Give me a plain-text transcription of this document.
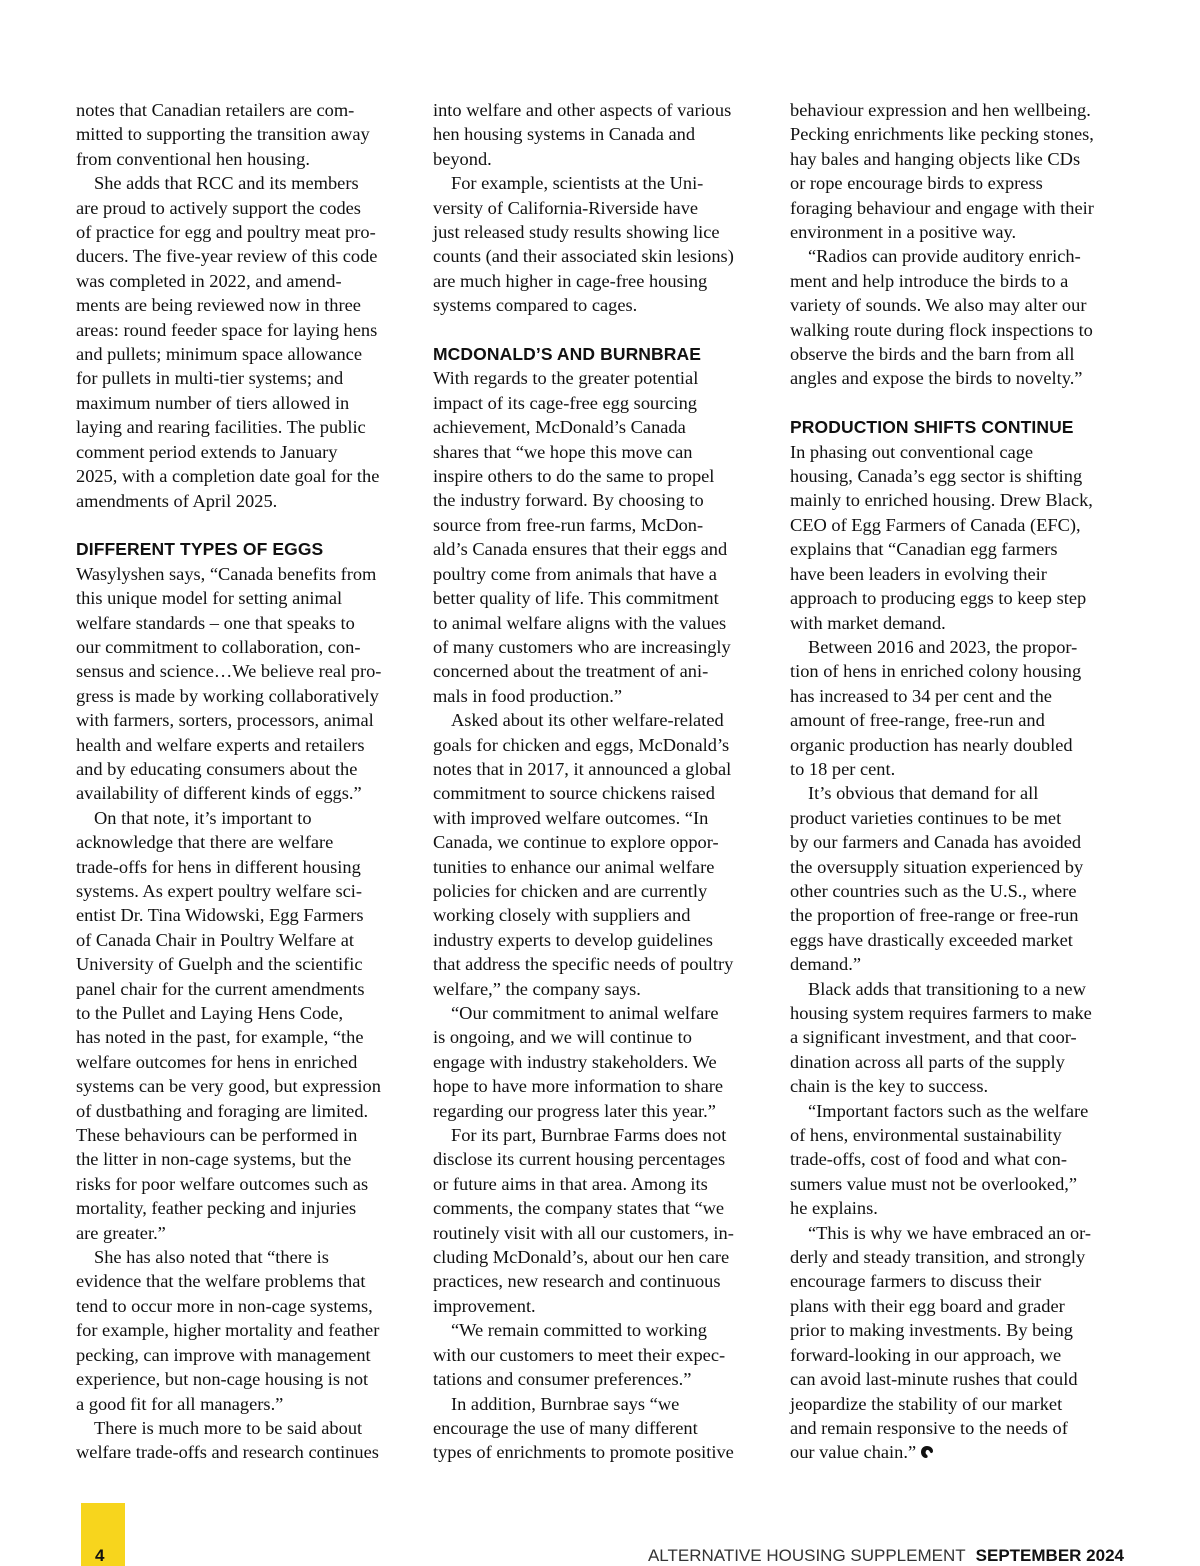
notes that Canadian retailers are com-
mitted to supporting the transition away
from conventional hen housing.

She adds that RCC and its members
are proud to actively support the codes
of practice for egg and poultry meat pro-
ducers. The five-year review of this code
was completed in 2022, and amend-
ments are being reviewed now in three
areas: round feeder space for laying hens
and pullets; minimum space allowance
for pullets in multi-tier systems; and
maximum number of tiers allowed in
laying and rearing facilities. The public
comment period extends to January
2025, with a completion date goal for the
amendments of April 2025.

DIFFERENT TYPES OF EGGS

Wasylyshen says, “Canada benefits from
this unique model for setting animal
welfare standards – one that speaks to
our commitment to collaboration, con-
sensus and science…We believe real pro-
gress is made by working collaboratively
with farmers, sorters, processors, animal
health and welfare experts and retailers
and by educating consumers about the
availability of different kinds of eggs.”

On that note, it’s important to
acknowledge that there are welfare
trade-offs for hens in different housing
systems. As expert poultry welfare sci-
entist Dr. Tina Widowski, Egg Farmers
of Canada Chair in Poultry Welfare at
University of Guelph and the scientific
panel chair for the current amendments
to the Pullet and Laying Hens Code,
has noted in the past, for example, “the
welfare outcomes for hens in enriched
systems can be very good, but expression
of dustbathing and foraging are limited.
These behaviours can be performed in
the litter in non-cage systems, but the
risks for poor welfare outcomes such as
mortality, feather pecking and injuries
are greater.”

She has also noted that “there is
evidence that the welfare problems that
tend to occur more in non-cage systems,
for example, higher mortality and feather
pecking, can improve with management
experience, but non-cage housing is not
a good fit for all managers.”

There is much more to be said about
welfare trade-offs and research continues

into welfare and other aspects of various
hen housing systems in Canada and
beyond.

For example, scientists at the Uni-
versity of California-Riverside have
just released study results showing lice
counts (and their associated skin lesions)
are much higher in cage-free housing
systems compared to cages.

MCDONALD’S AND BURNBRAE

With regards to the greater potential
impact of its cage-free egg sourcing
achievement, McDonald’s Canada
shares that “we hope this move can
inspire others to do the same to propel
the industry forward. By choosing to
source from free-run farms, McDon-
ald’s Canada ensures that their eggs and
poultry come from animals that have a
better quality of life. This commitment
to animal welfare aligns with the values
of many customers who are increasingly
concerned about the treatment of ani-
mals in food production.”

Asked about its other welfare-related
goals for chicken and eggs, McDonald’s
notes that in 2017, it announced a global
commitment to source chickens raised
with improved welfare outcomes. “In
Canada, we continue to explore oppor-
tunities to enhance our animal welfare
policies for chicken and are currently
working closely with suppliers and
industry experts to develop guidelines
that address the specific needs of poultry
welfare,” the company says.

“Our commitment to animal welfare
is ongoing, and we will continue to
engage with industry stakeholders. We
hope to have more information to share
regarding our progress later this year.”

For its part, Burnbrae Farms does not
disclose its current housing percentages
or future aims in that area. Among its
comments, the company states that “we
routinely visit with all our customers, in-
cluding McDonald’s, about our hen care
practices, new research and continuous
improvement.

“We remain committed to working
with our customers to meet their expec-
tations and consumer preferences.”

In addition, Burnbrae says “we
encourage the use of many different
types of enrichments to promote positive

behaviour expression and hen wellbeing.
Pecking enrichments like pecking stones,
hay bales and hanging objects like CDs
or rope encourage birds to express
foraging behaviour and engage with their
environment in a positive way.

“Radios can provide auditory enrich-
ment and help introduce the birds to a
variety of sounds. We also may alter our
walking route during flock inspections to
observe the birds and the barn from all
angles and expose the birds to novelty.”

PRODUCTION SHIFTS CONTINUE

In phasing out conventional cage
housing, Canada’s egg sector is shifting
mainly to enriched housing. Drew Black,
CEO of Egg Farmers of Canada (EFC),
explains that “Canadian egg farmers
have been leaders in evolving their
approach to producing eggs to keep step
with market demand.

Between 2016 and 2023, the propor-
tion of hens in enriched colony housing
has increased to 34 per cent and the
amount of free-range, free-run and
organic production has nearly doubled
to 18 per cent.

It’s obvious that demand for all
product varieties continues to be met
by our farmers and Canada has avoided
the oversupply situation experienced by
other countries such as the U.S., where
the proportion of free-range or free-run
eggs have drastically exceeded market
demand.”

Black adds that transitioning to a new
housing system requires farmers to make
a significant investment, and that coor-
dination across all parts of the supply
chain is the key to success.

“Important factors such as the welfare
of hens, environmental sustainability
trade-offs, cost of food and what con-
sumers value must not be overlooked,”
he explains.

“This is why we have embraced an or-
derly and steady transition, and strongly
encourage farmers to discuss their
plans with their egg board and grader
prior to making investments. By being
forward-looking in our approach, we
can avoid last-minute rushes that could
jeopardize the stability of our market
and remain responsive to the needs of
our value chain.”

4	ALTERNATIVE HOUSING SUPPLEMENT SEPTEMBER 2024
